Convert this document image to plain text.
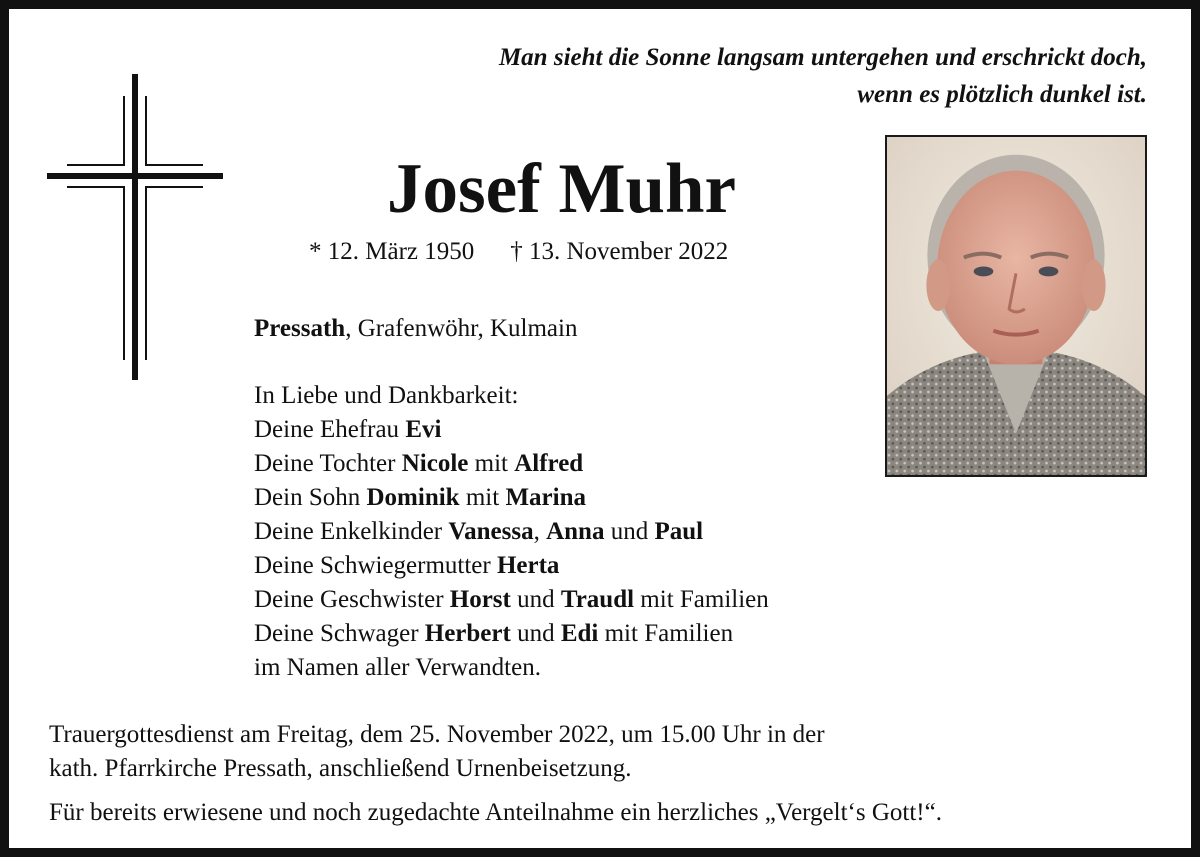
Man sieht die Sonne langsam untergehen und erschrickt doch,
wenn es plötzlich dunkel ist.
Josef Muhr
* 12. März 1950 † 13. November 2022
Pressath, Grafenwöhr, Kulmain
In Liebe und Dankbarkeit:
Deine Ehefrau Evi
Deine Tochter Nicole mit Alfred
Dein Sohn Dominik mit Marina
Deine Enkelkinder Vanessa, Anna und Paul
Deine Schwiegermutter Herta
Deine Geschwister Horst und Traudl mit Familien
Deine Schwager Herbert und Edi mit Familien
im Namen aller Verwandten.
Trauergottesdienst am Freitag, dem 25. November 2022, um 15.00 Uhr in der
kath. Pfarrkirche Pressath, anschließend Urnenbeisetzung.
Für bereits erwiesene und noch zugedachte Anteilnahme ein herzliches „Vergelt‘s Gott!“.
